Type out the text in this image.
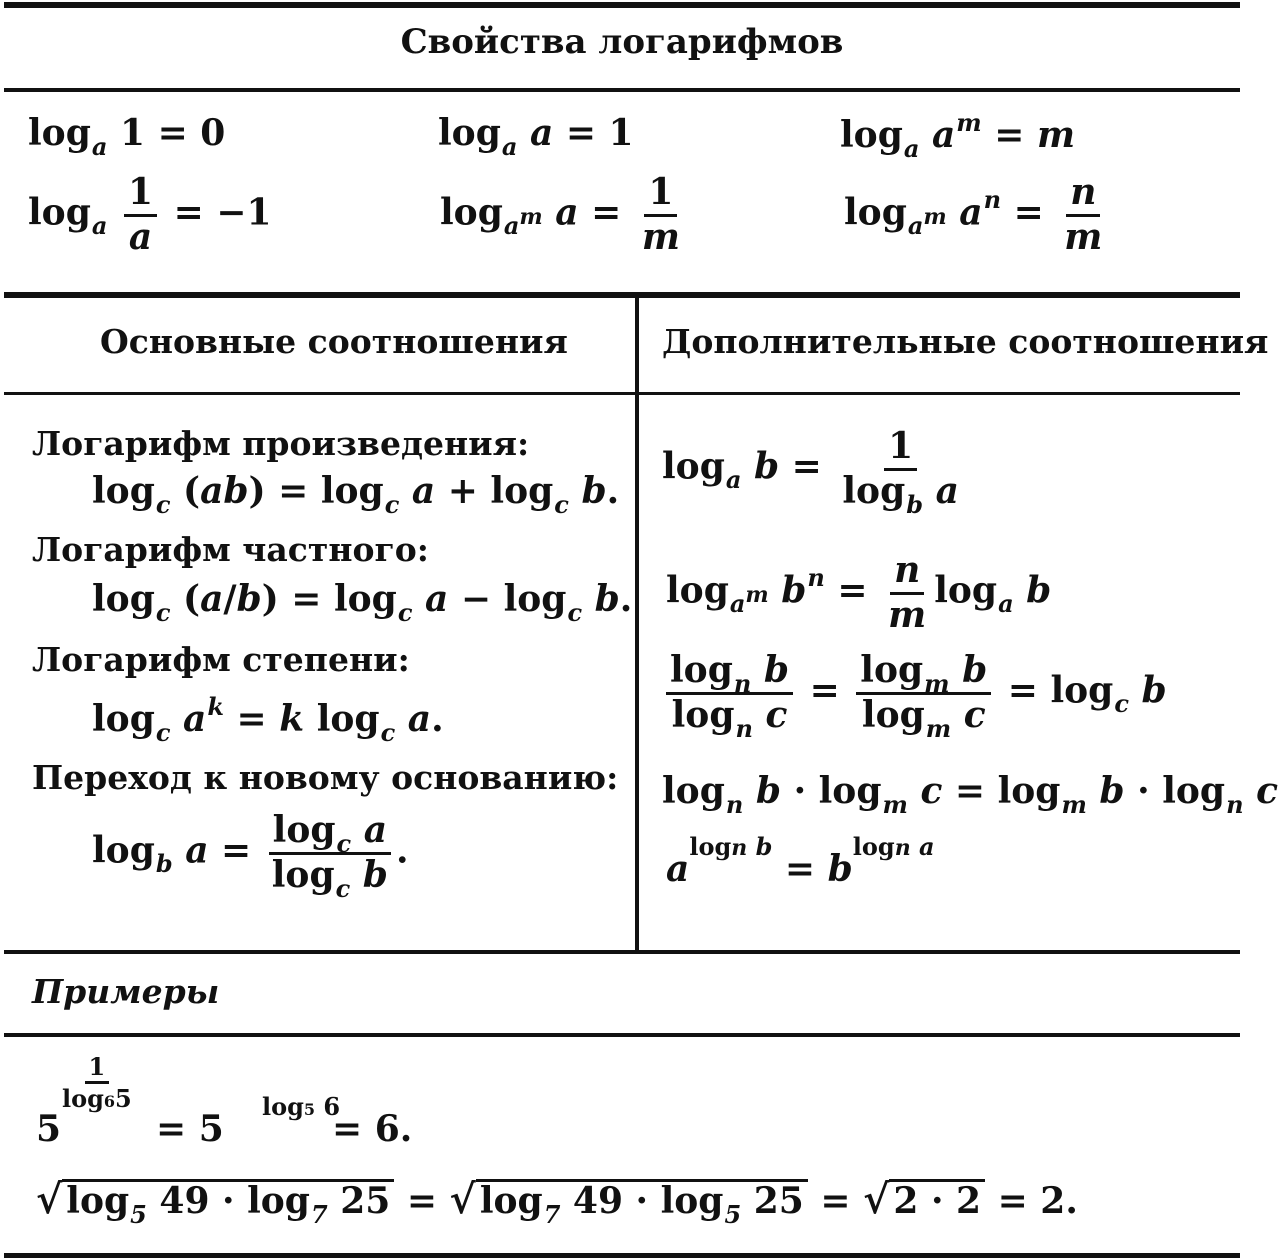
Свойства логарифмов
$\log_a 1 = 0$	$\log_a a = 1$	$\log_a a^m = m$
$\log_a \frac{1}{a} = -1$	$\log_{am} a = \frac{1}{m}$	$\log_{am} a^n = \frac{n}{m}$
Основные соотношения	Дополнительные соотношения
Логарифм произведения:
$\log_c (ab) = \log_c a + \log_c b$.
Логарифм частного:
$\log_c (a/b) = \log_c a - \log_c b$.
Логарифм степени:
$\log_c a^k = k$ $\log_c a$.
Переход к новому основанию:
$\log_b a = \frac{\log_c a}{\log_c b}$ .
$\log_a b = \frac{1}{\log_b a}$
$\log_{am} b^n = \frac{n}{m} \log_a b$
$\frac{\log_n b}{\log_n c} = \frac{\log_m b}{\log_m c} = \log_c b$
$\log_n b \cdot \log_m c = \log_m b \cdot \log_n c$
$a^{logn b} = b^{logn a}$
Примеры
5
1
log65
= 5
log5 6
= 6.
√ $\log_5 49 \cdot \log_7 25$ = √ $\log_7 49 \cdot \log_5 25$ = √ 2 · 2 = 2.
